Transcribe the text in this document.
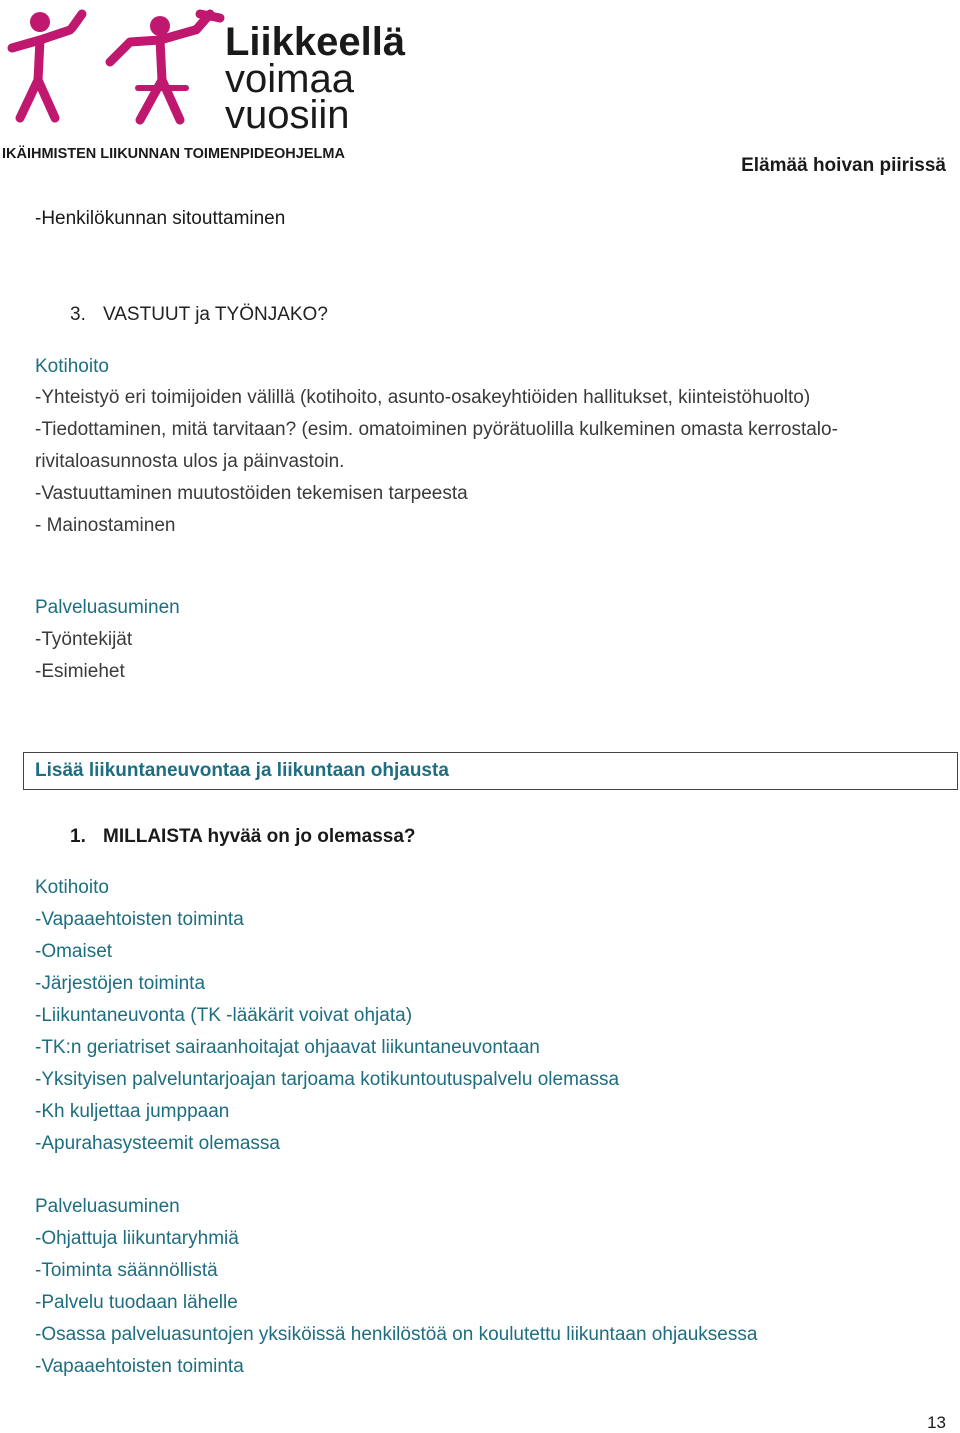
Liikkeellä
voimaa
vuosiin
IKÄIHMISTEN LIIKUNNAN TOIMENPIDEOHJELMA
Elämää hoivan piirissä
-Henkilökunnan sitouttaminen
3. VASTUUT ja TYÖNJAKO?
Kotihoito
-Yhteistyö eri toimijoiden välillä (kotihoito, asunto-osakeyhtiöiden hallitukset, kiinteistöhuolto)
-Tiedottaminen, mitä tarvitaan? (esim. omatoiminen pyörätuolilla kulkeminen omasta kerrostalo-
rivitaloasunnosta ulos ja päinvastoin.
-Vastuuttaminen muutostöiden tekemisen tarpeesta
- Mainostaminen
Palveluasuminen
-Työntekijät
-Esimiehet
Lisää liikuntaneuvontaa ja liikuntaan ohjausta
1. MILLAISTA hyvää on jo olemassa?
Kotihoito
-Vapaaehtoisten toiminta
-Omaiset
-Järjestöjen toiminta
-Liikuntaneuvonta (TK -lääkärit voivat ohjata)
-TK:n geriatriset sairaanhoitajat ohjaavat liikuntaneuvontaan
-Yksityisen palveluntarjoajan tarjoama kotikuntoutuspalvelu olemassa
-Kh kuljettaa jumppaan
-Apurahasysteemit olemassa
Palveluasuminen
-Ohjattuja liikuntaryhmiä
-Toiminta säännöllistä
-Palvelu tuodaan lähelle
-Osassa palveluasuntojen yksiköissä henkilöstöä on koulutettu liikuntaan ohjauksessa
-Vapaaehtoisten toiminta
13
